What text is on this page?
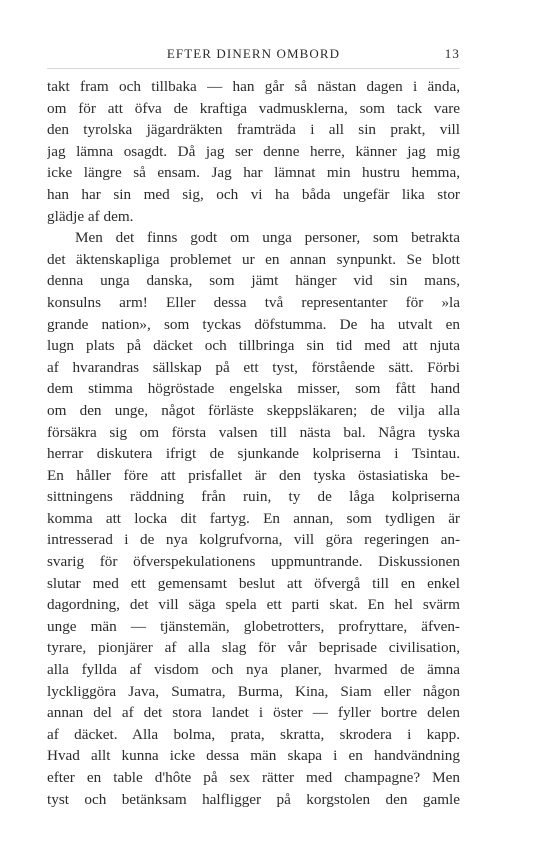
EFTER DINERN OMBORD	13
takt fram och tillbaka — han går så nästan dagen i ända,
om för att öfva de kraftiga vadmusklerna, som tack vare
den tyrolska jägardräkten framträda i all sin prakt, vill
jag lämna osagdt. Då jag ser denne herre, känner jag mig
icke längre så ensam. Jag har lämnat min hustru hemma,
han har sin med sig, och vi ha båda ungefär lika stor
glädje af dem.
Men det finns godt om unga personer, som betrakta
det äktenskapliga problemet ur en annan synpunkt. Se blott
denna unga danska, som jämt hänger vid sin mans,
konsulns arm! Eller dessa två representanter för »la
grande nation», som tyckas döfstumma. De ha utvalt en
lugn plats på däcket och tillbringa sin tid med att njuta
af hvarandras sällskap på ett tyst, förstående sätt. Förbi
dem stimma högröstade engelska misser, som fått hand
om den unge, något förläste skeppsläkaren; de vilja alla
försäkra sig om första valsen till nästa bal. Några tyska
herrar diskutera ifrigt de sjunkande kolpriserna i Tsintau.
En håller före att prisfallet är den tyska östasiatiska be-
sittningens räddning från ruin, ty de låga kolpriserna
komma att locka dit fartyg. En annan, som tydligen är
intresserad i de nya kolgrufvorna, vill göra regeringen an-
svarig för öfverspekulationens uppmuntrande. Diskussionen
slutar med ett gemensamt beslut att öfvergå till en enkel
dagordning, det vill säga spela ett parti skat. En hel svärm
unge män — tjänstemän, globetrotters, profryttare, äfven-
tyrare, pionjärer af alla slag för vår beprisade civilisation,
alla fyllda af visdom och nya planer, hvarmed de ämna
lyckliggöra Java, Sumatra, Burma, Kina, Siam eller någon
annan del af det stora landet i öster — fyller bortre delen
af däcket. Alla bolma, prata, skratta, skrodera i kapp.
Hvad allt kunna icke dessa män skapa i en handvändning
efter en table d'hôte på sex rätter med champagne? Men
tyst och betänksam halfligger på korgstolen den gamle
